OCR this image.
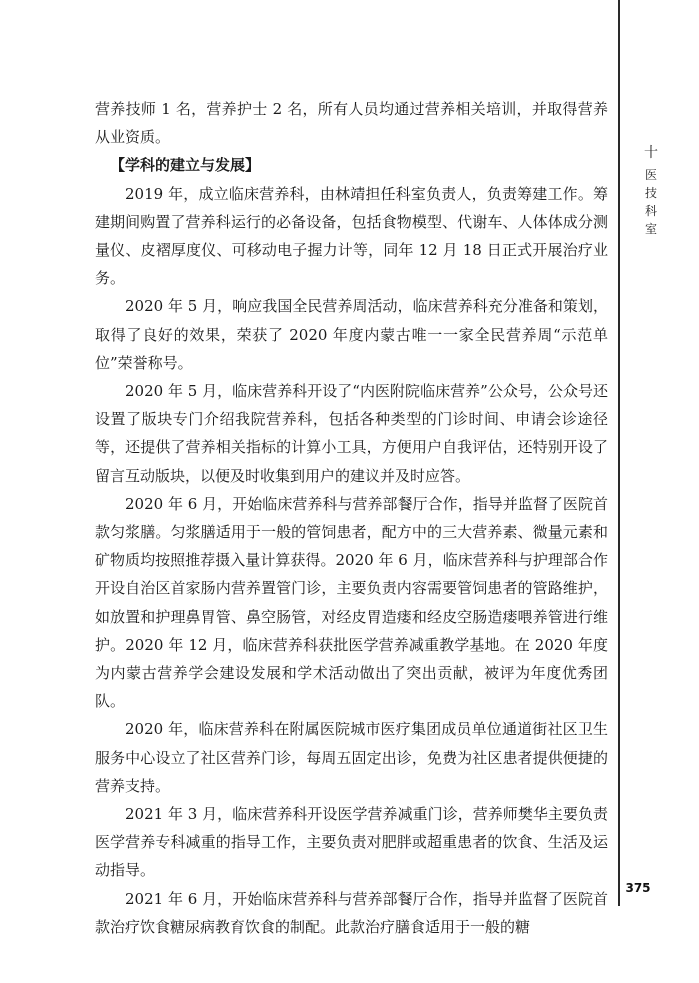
营养技师 1 名，营养护士 2 名，所有人员均通过营养相关培训，并取得营养从业资质。

【学科的建立与发展】

2019 年，成立临床营养科，由林靖担任科室负责人，负责筹建工作。筹建期间购置了营养科运行的必备设备，包括食物模型、代谢车、人体体成分测量仪、皮褶厚度仪、可移动电子握力计等，同年 12 月 18 日正式开展治疗业务。

2020 年 5 月，响应我国全民营养周活动，临床营养科充分准备和策划，取得了良好的效果，荣获了 2020 年度内蒙古唯一一家全民营养周“示范单位”荣誉称号。

2020 年 5 月，临床营养科开设了“内医附院临床营养”公众号，公众号还设置了版块专门介绍我院营养科，包括各种类型的门诊时间、申请会诊途径等，还提供了营养相关指标的计算小工具，方便用户自我评估，还特别开设了留言互动版块，以便及时收集到用户的建议并及时应答。

2020 年 6 月，开始临床营养科与营养部餐厅合作，指导并监督了医院首款匀浆膳。匀浆膳适用于一般的管饲患者，配方中的三大营养素、微量元素和矿物质均按照推荐摄入量计算获得。2020 年 6 月，临床营养科与护理部合作开设自治区首家肠内营养置管门诊，主要负责内容需要管饲患者的管路维护，如放置和护理鼻胃管、鼻空肠管，对经皮胃造瘘和经皮空肠造瘘喂养管进行维护。2020 年 12 月，临床营养科获批医学营养减重教学基地。在 2020 年度为内蒙古营养学会建设发展和学术活动做出了突出贡献，被评为年度优秀团队。

2020 年，临床营养科在附属医院城市医疗集团成员单位通道街社区卫生服务中心设立了社区营养门诊，每周五固定出诊，免费为社区患者提供便捷的营养支持。

2021 年 3 月，临床营养科开设医学营养减重门诊，营养师樊华主要负责医学营养专科减重的指导工作，主要负责对肥胖或超重患者的饮食、生活及运动指导。

2021 年 6 月，开始临床营养科与营养部餐厅合作，指导并监督了医院首款治疗饮食糖尿病教育饮食的制配。此款治疗膳食适用于一般的糖

十
医
技
科
室
375
